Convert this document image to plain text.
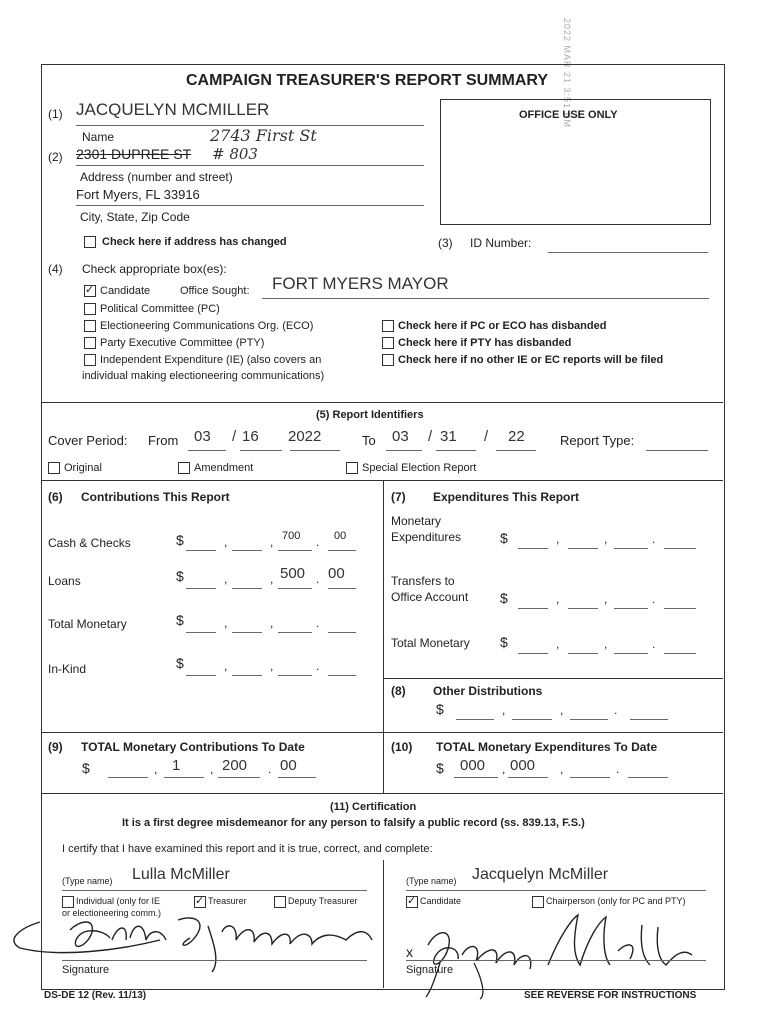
2022 MAR 21 3:51 PM
CAMPAIGN TREASURER'S REPORT SUMMARY
OFFICE USE ONLY
(1) JACQUELYN MCMILLER
Name	2743 First St
(2) 2301 DUPREE ST # 803
Address (number and street)
Fort Myers, FL 33916
City, State, Zip Code
Check here if address has changed	(3) ID Number:
(4) Check appropriate box(es):
✓
Candidate	Office Sought: FORT MYERS MAYOR
Political Committee (PC)
Electioneering Communications Org. (ECO)
Party Executive Committee (PTY)
Independent Expenditure (IE) (also covers an
individual making electioneering communications)
Check here if PC or ECO has disbanded
Check here if PTY has disbanded
Check here if no other IE or EC reports will be filed
(5) Report Identifiers
Cover Period: From 03 / 16 2022	To 03 / 31 / 22	Report Type:
Original	Amendment	Special Election Report
(6) Contributions This Report
Cash & Checks	$	,	, 700 . 00
Loans	$	,	, 500 . 00
Total Monetary	$	,	,	.
In-Kind	$	,	,	.
(7) Expenditures This Report
Monetary
Expenditures	$	,	,	.
Transfers to
Office Account $	,	,	.
Total Monetary $	,	,	.
(8) Other Distributions
$	,	,	.
(9) TOTAL Monetary Contributions To Date
$	, 1 , 200 . 00
(10) TOTAL Monetary Expenditures To Date
$ 000 , 000 ,	.
(11) Certification
It is a first degree misdemeanor for any person to falsify a public record (ss. 839.13, F.S.)
I certify that I have examined this report and it is true, correct, and complete:
(Type name) Lulla McMiller	(Type name) Jacquelyn McMiller
Individual (only for IE
or electioneering comm.)
✓
Treasurer	Deputy Treasurer
✓	Candidate	Chairperson (only for PC and PTY)
Signature
x
Signature
DS-DE 12 (Rev. 11/13)	SEE REVERSE FOR INSTRUCTIONS
